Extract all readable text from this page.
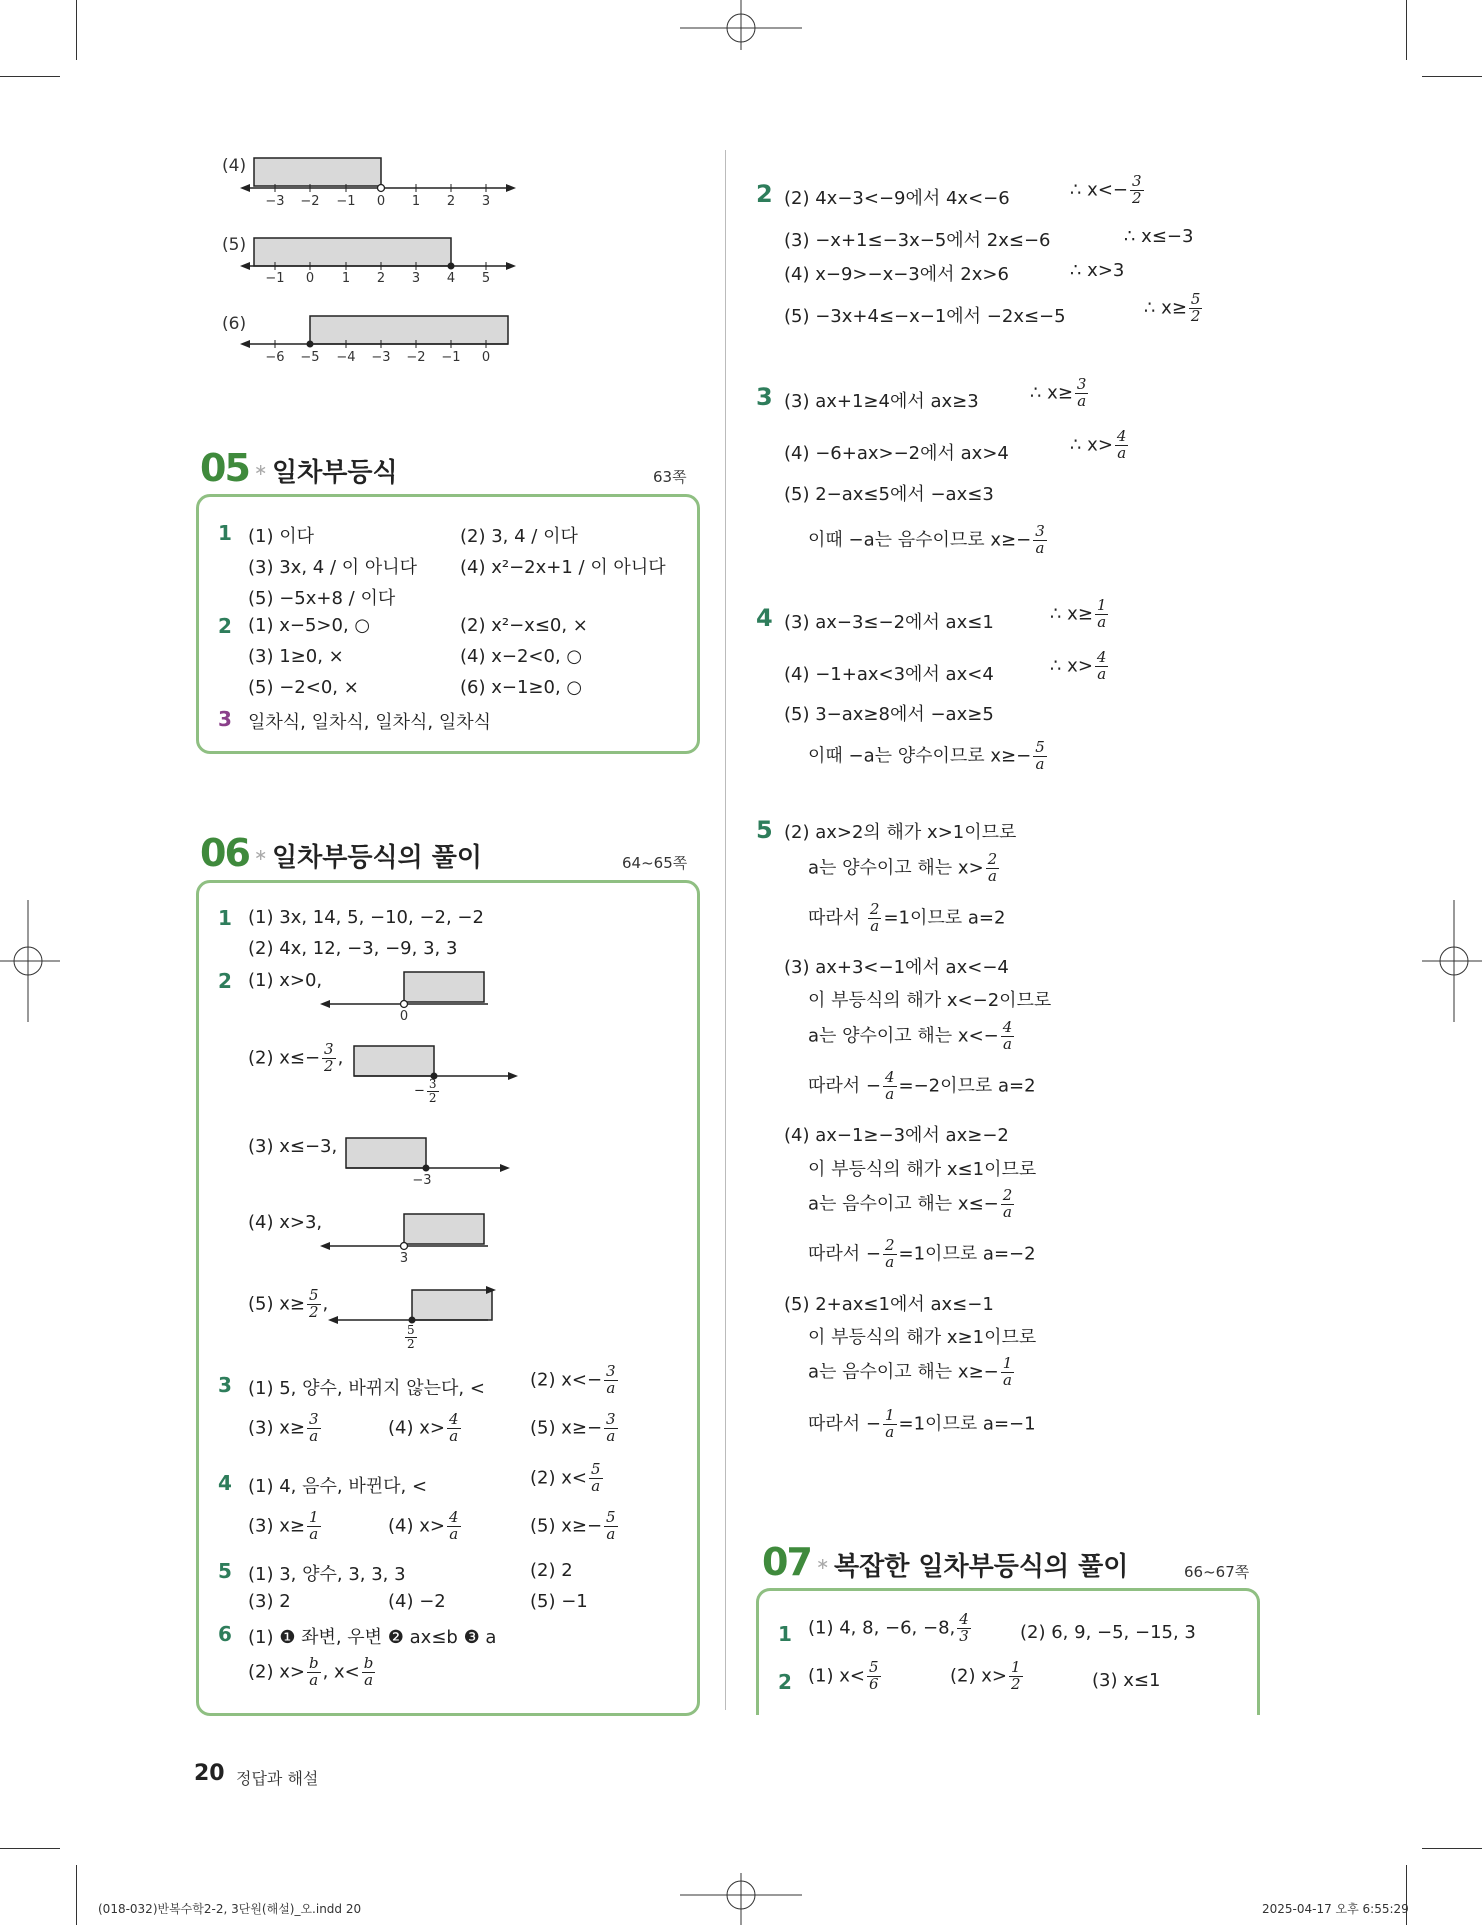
(4)
−3 −2 −1 0 1 2 3
(5)
−1 0 1 2 3 4 5
(6)
−6 −5 −4 −3 −2 −1 0
05 ∗ 일차부등식	63쪽
1 (1) 이다	(2) 3, 4 / 이다
(3) 3x, 4 / 이 아니다 (4) x²−2x+1 / 이 아니다
(5) −5x+8 / 이다
2 (1) x−5>0, ○	(2) x²−x≤0, ×
(3) 1≥0, ×	(4) x−2<0, ○
(5) −2<0, ×	(6) x−1≥0, ○
3 일차식, 일차식, 일차식, 일차식
06 ∗ 일차부등식의 풀이	64~65쪽
1 (1) 3x, 14, 5, −10, −2, −2
(2) 4x, 12, −3, −9, 3, 3
2 (1) x>0,
0
(2) $x\le- \frac{3}{2}$ ,
− $\frac{3}{2}$
(3) x≤−3,
−3
(4) x>3,
3
(5) $x\ge \frac{5}{2}$ ,
$\frac{5}{2}$
3 (1) 5, 양수, 바뀌지 않는다, <	(2) $x<- \frac{3}{a}$
(3) $x\ge \frac{3}{a}$	(4) $x> \frac{4}{a}$	(5) $x\ge- \frac{3}{a}$
4 (1) 4, 음수, 바뀐다, <	(2) $x< \frac{5}{a}$
(3) $x\ge \frac{1}{a}$	(4) $x> \frac{4}{a}$	(5) $x\ge- \frac{5}{a}$
5 (1) 3, 양수, 3, 3, 3	(2) 2
(3) 2	(4) −2	(5) −1
6 (1) ❶ 좌변, 우변 ❷ ax≤b ❸ a
(2) $x> \frac{b}{a}$ , $x< \frac{b}{a}$
2 (2) 4x−3<−9에서 4x<−6	∴ $x<- \frac{3}{2}$
(3) −x+1≤−3x−5에서 2x≤−6	∴ x≤−3
(4) x−9>−x−3에서 2x>6	∴ x>3
(5) −3x+4≤−x−1에서 −2x≤−5	∴ $x\ge \frac{5}{2}$
3 (3) ax+1≥4에서 ax≥3	∴ $x\ge \frac{3}{a}$
(4) −6+ax>−2에서 ax>4	∴ $x> \frac{4}{a}$
(5) 2−ax≤5에서 −ax≤3
이때 −a는 음수이므로 $x\ge- \frac{3}{a}$
4 (3) ax−3≤−2에서 ax≤1	∴ $x\ge \frac{1}{a}$
(4) −1+ax<3에서 ax<4	∴ $x> \frac{4}{a}$
(5) 3−ax≥8에서 −ax≥5
이때 −a는 양수이므로 $x\ge- \frac{5}{a}$
5 (2) ax>2의 해가 x>1이므로
a는 양수이고 해는 $x> \frac{2}{a}$
따라서 $\frac{2}{a} =1$이므로 a=2
(3) ax+3<−1에서 ax<−4
이 부등식의 해가 x<−2이므로
a는 양수이고 해는 $x<- \frac{4}{a}$
따라서 − $\frac{4}{a} =-2$이므로 a=2
(4) ax−1≥−3에서 ax≥−2
이 부등식의 해가 x≤1이므로
a는 음수이고 해는 $x\le- \frac{2}{a}$
따라서 − $\frac{2}{a} =1$이므로 a=−2
(5) 2+ax≤1에서 ax≤−1
이 부등식의 해가 x≥1이므로
a는 음수이고 해는 $x\ge- \frac{1}{a}$
따라서 − $\frac{1}{a} =1$이므로 a=−1
07 ∗ 복잡한 일차부등식의 풀이	66~67쪽
1 (1) 4, 8, −6, −8, $\frac{4}{3}$	(2) 6, 9, −5, −15, 3
2 (1) $x< \frac{5}{6}$	(2) $x> \frac{1}{2}$	(3) x≤1
20 정답과 해설
(018-032)반복수학2-2, 3단원(해설)_오.indd 20	2025-04-17 오후 6:55:29
